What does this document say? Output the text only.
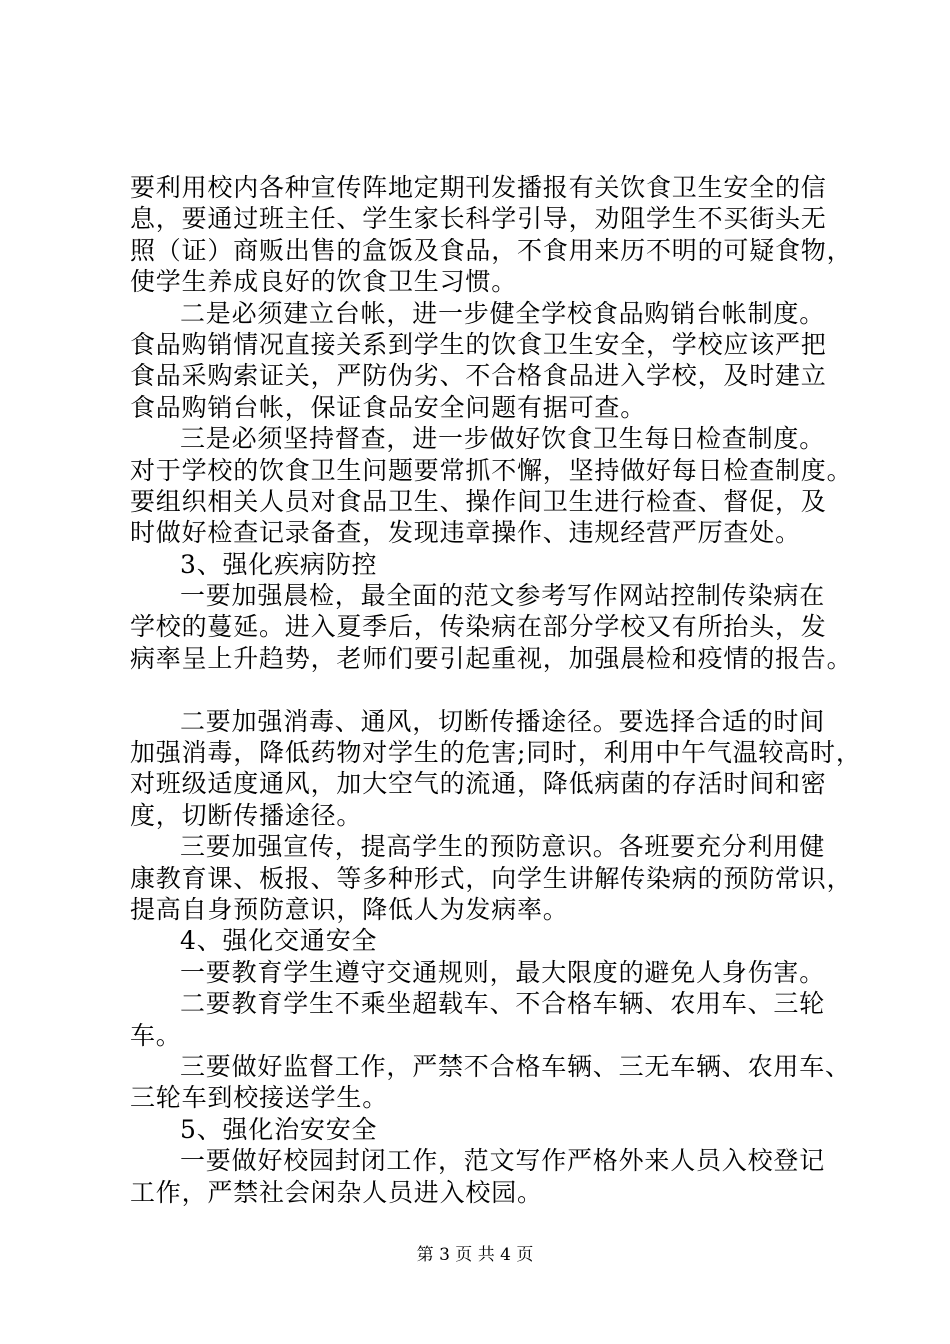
要利用校内各种宣传阵地定期刊发播报有关饮食卫生安全的信
息，要通过班主任、学生家长科学引导，劝阻学生不买街头无
照（证）商贩出售的盒饭及食品，不食用来历不明的可疑食物，
使学生养成良好的饮食卫生习惯。
二是必须建立台帐，进一步健全学校食品购销台帐制度。
食品购销情况直接关系到学生的饮食卫生安全，学校应该严把
食品采购索证关，严防伪劣、不合格食品进入学校，及时建立
食品购销台帐，保证食品安全问题有据可查。
三是必须坚持督查，进一步做好饮食卫生每日检查制度。
对于学校的饮食卫生问题要常抓不懈，坚持做好每日检查制度。
要组织相关人员对食品卫生、操作间卫生进行检查、督促，及
时做好检查记录备查，发现违章操作、违规经营严厉查处。
3、强化疾病防控
一要加强晨检，最全面的范文参考写作网站控制传染病在
学校的蔓延。进入夏季后，传染病在部分学校又有所抬头，发
病率呈上升趋势，老师们要引起重视，加强晨检和疫情的报告。
二要加强消毒、通风，切断传播途径。要选择合适的时间
加强消毒，降低药物对学生的危害;同时，利用中午气温较高时，
对班级适度通风，加大空气的流通，降低病菌的存活时间和密
度，切断传播途径。
三要加强宣传，提高学生的预防意识。各班要充分利用健
康教育课、板报、等多种形式，向学生讲解传染病的预防常识，
提高自身预防意识，降低人为发病率。
4、强化交通安全
一要教育学生遵守交通规则，最大限度的避免人身伤害。
二要教育学生不乘坐超载车、不合格车辆、农用车、三轮
车。
三要做好监督工作，严禁不合格车辆、三无车辆、农用车、
三轮车到校接送学生。
5、强化治安安全
一要做好校园封闭工作，范文写作严格外来人员入校登记
工作，严禁社会闲杂人员进入校园。
第 3 页 共 4 页
